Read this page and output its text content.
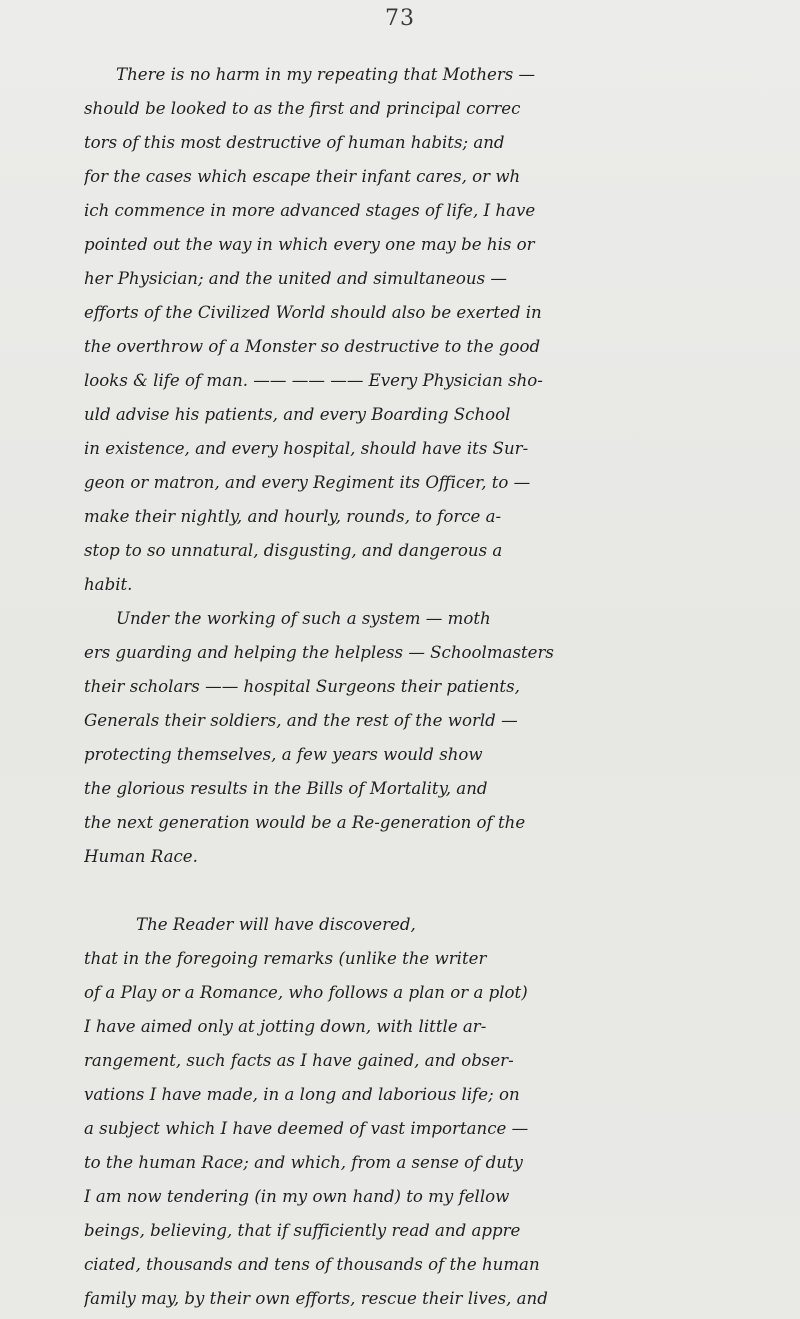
73
There is no harm in my repeating that Mothers —
should be looked to as the first and principal correc
tors of this most destructive of human habits; and
for the cases which escape their infant cares, or wh
ich commence in more advanced stages of life, I have
pointed out the way in which every one may be his or
her Physician; and the united and simultaneous —
efforts of the Civilized World should also be exerted in
the overthrow of a Monster so destructive to the good
looks & life of man. —— —— —— Every Physician sho-
uld advise his patients, and every Boarding School
in existence, and every hospital, should have its Sur-
geon or matron, and every Regiment its Officer, to —
make their nightly, and hourly, rounds, to force a-
stop to so unnatural, disgusting, and dangerous a
habit.
Under the working of such a system — moth
ers guarding and helping the helpless — Schoolmasters
their scholars —— hospital Surgeons their patients,
Generals their soldiers, and the rest of the world —
protecting themselves, a few years would show
the glorious results in the Bills of Mortality, and
the next generation would be a Re-generation of the
Human Race.
The Reader will have discovered,
that in the foregoing remarks (unlike the writer
of a Play or a Romance, who follows a plan or a plot)
I have aimed only at jotting down, with little ar-
rangement, such facts as I have gained, and obser-
vations I have made, in a long and laborious life; on
a subject which I have deemed of vast importance —
to the human Race; and which, from a sense of duty
I am now tendering (in my own hand) to my fellow
beings, believing, that if sufficiently read and appre
ciated, thousands and tens of thousands of the human
family may, by their own efforts, rescue their lives, and
